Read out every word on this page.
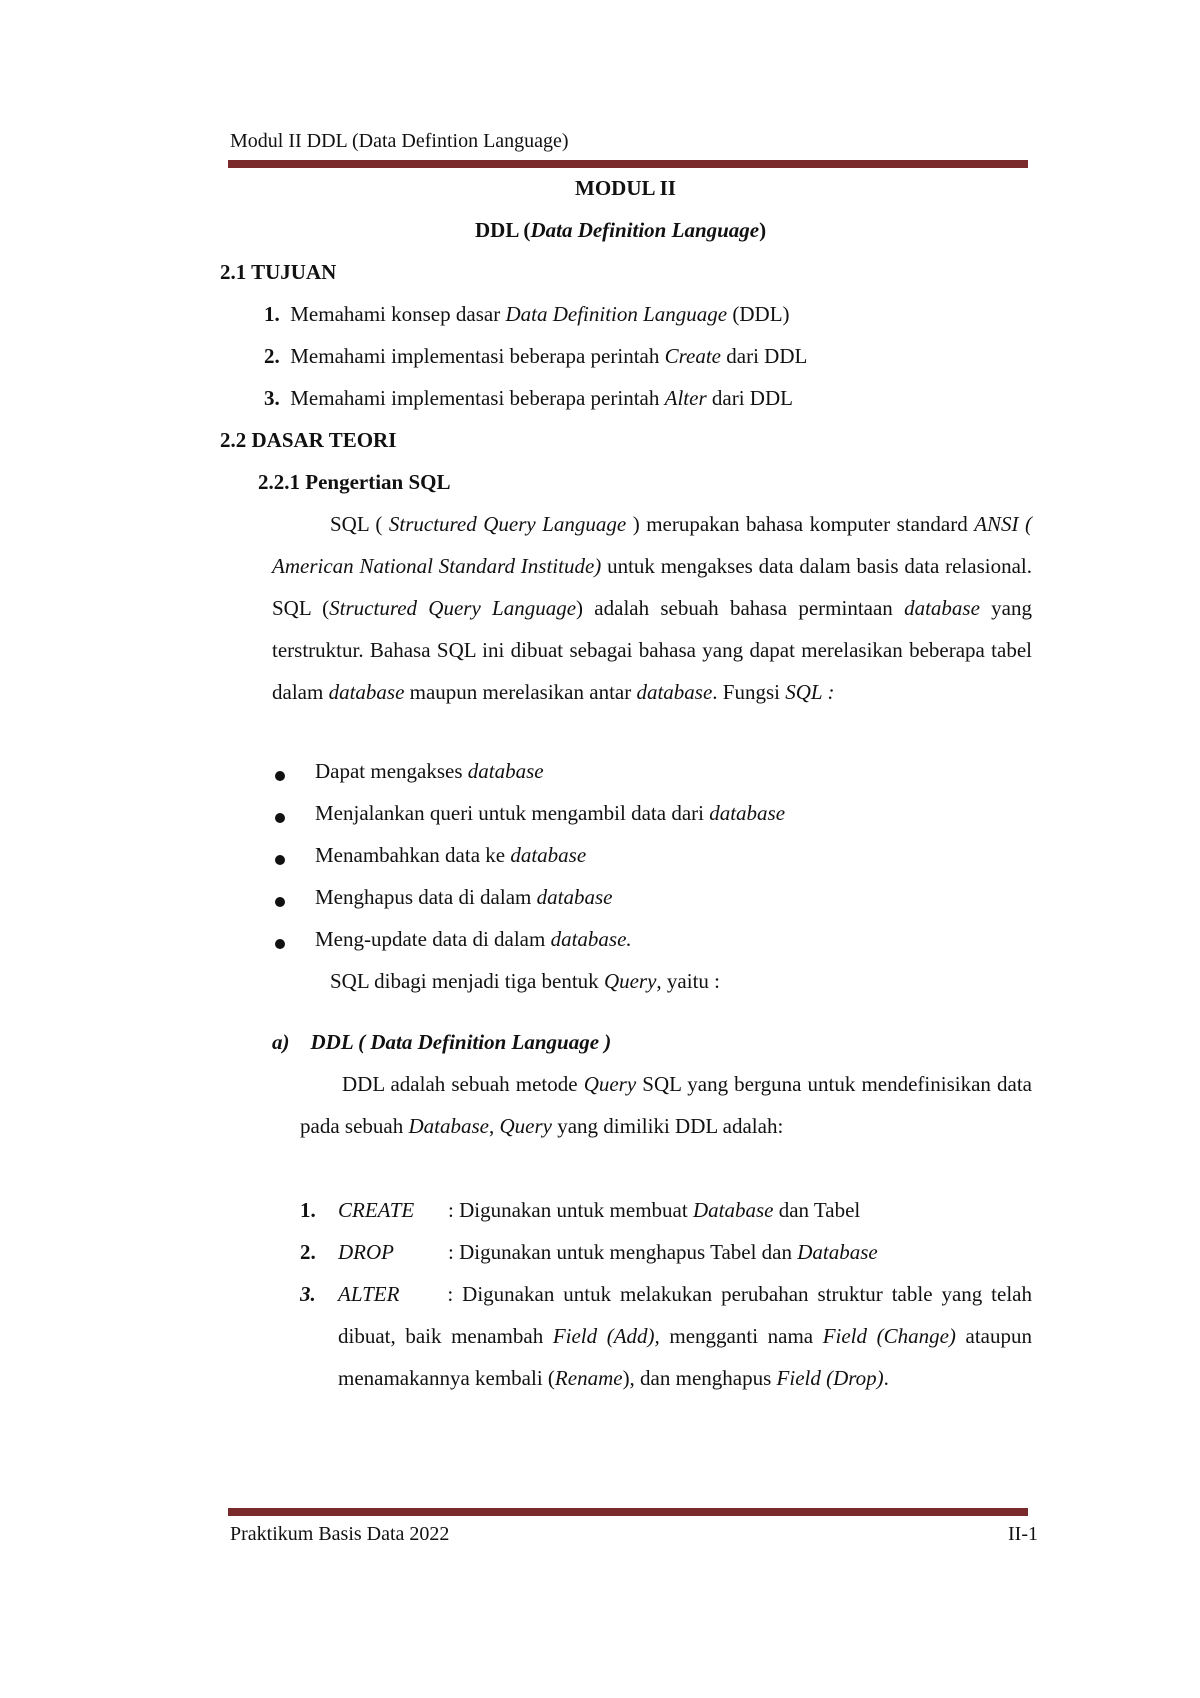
Modul II DDL (Data Defintion Language)
MODUL II
DDL (Data Definition Language)
2.1 TUJUAN
1. Memahami konsep dasar Data Definition Language (DDL)
2. Memahami implementasi beberapa perintah Create dari DDL
3. Memahami implementasi beberapa perintah Alter dari DDL
2.2 DASAR TEORI
2.2.1 Pengertian SQL
SQL ( Structured Query Language ) merupakan bahasa komputer standard ANSI ( American National Standard Institude) untuk mengakses data dalam basis data relasional. SQL (Structured Query Language) adalah sebuah bahasa permintaan database yang terstruktur. Bahasa SQL ini dibuat sebagai bahasa yang dapat merelasikan beberapa tabel dalam database maupun merelasikan antar database. Fungsi SQL :
Dapat mengakses database
Menjalankan queri untuk mengambil data dari database
Menambahkan data ke database
Menghapus data di dalam database
Meng-update data di dalam database.
SQL dibagi menjadi tiga bentuk Query, yaitu :
a)    DDL ( Data Definition Language )
DDL adalah sebuah metode Query SQL yang berguna untuk mendefinisikan data pada sebuah Database, Query yang dimiliki DDL adalah:
1. CREATE : Digunakan untuk membuat Database dan Tabel
2. DROP	: Digunakan untuk menghapus Tabel dan Database
3. ALTER : Digunakan untuk melakukan perubahan struktur table yang telah dibuat, baik menambah Field (Add), mengganti nama Field (Change) ataupun menamakannya kembali (Rename), dan menghapus Field (Drop).
Praktikum Basis Data 2022	II-1
